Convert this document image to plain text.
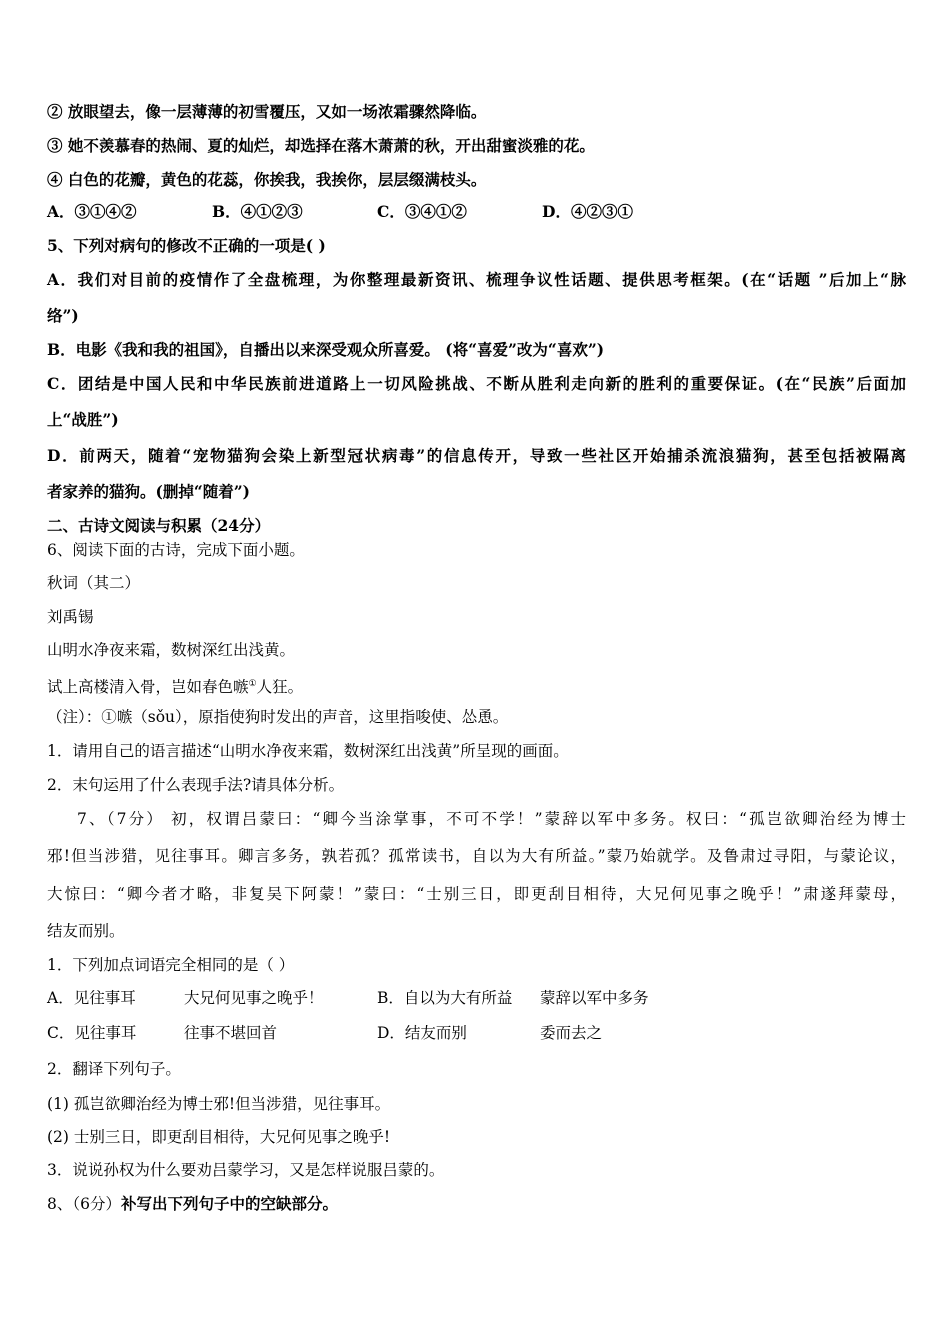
② 放眼望去，像一层薄薄的初雪覆压，又如一场浓霜骤然降临。
③ 她不羡慕春的热闹、夏的灿烂，却选择在落木萧萧的秋，开出甜蜜淡雅的花。
④ 白色的花瓣，黄色的花蕊，你挨我，我挨你，层层缀满枝头。
A．③①④②	B．④①②③	C．③④①②	D．④②③①
5、下列对病句的修改不正确的一项是( )
A．我们对目前的疫情作了全盘梳理，为你整理最新资讯、梳理争议性话题、提供思考框架。(在“话题 ”后加上“脉
络”)
B．电影《我和我的祖国》，自播出以来深受观众所喜爱。 (将“喜爱”改为“喜欢”)
C．团结是中国人民和中华民族前进道路上一切风险挑战、不断从胜利走向新的胜利的重要保证。(在“民族”后面加
上“战胜”)
D．前两天，随着“宠物猫狗会染上新型冠状病毒”的信息传开，导致一些社区开始捕杀流浪猫狗，甚至包括被隔离
者家养的猫狗。(删掉“随着”)
二、古诗文阅读与积累（24分）
6、阅读下面的古诗，完成下面小题。
秋词（其二）
刘禹锡
山明水净夜来霜，数树深红出浅黄。
试上高楼清入骨，岂如春色嗾①人狂。
（注）：①嗾（sǒu），原指使狗时发出的声音，这里指唆使、怂恿。
1．请用自己的语言描述“山明水净夜来霜，数树深红出浅黄”所呈现的画面。
2．末句运用了什么表现手法?请具体分析。
7、（7分） 初，权谓吕蒙曰：“卿今当涂掌事，不可不学！”蒙辞以军中多务。权曰：“孤岂欲卿治经为博士
邪!但当涉猎，见往事耳。卿言多务，孰若孤？孤常读书，自以为大有所益。”蒙乃始就学。及鲁肃过寻阳，与蒙论议，
大惊曰：“卿今者才略，非复吴下阿蒙！”蒙曰：“士别三日，即更刮目相待，大兄何见事之晚乎！”肃遂拜蒙母，
结友而别。
1．下列加点词语完全相同的是（ ）
A．见往事耳	大兄何见事之晚乎！	B．自以为大有所益 蒙辞以军中多务
C．见往事耳	往事不堪回首	D．结友而别	委而去之
2．翻译下列句子。
(1) 孤岂欲卿治经为博士邪!但当涉猎，见往事耳。
(2) 士别三日，即更刮目相待，大兄何见事之晚乎!
3．说说孙权为什么要劝吕蒙学习，又是怎样说服吕蒙的。
8、（6分）补写出下列句子中的空缺部分。
